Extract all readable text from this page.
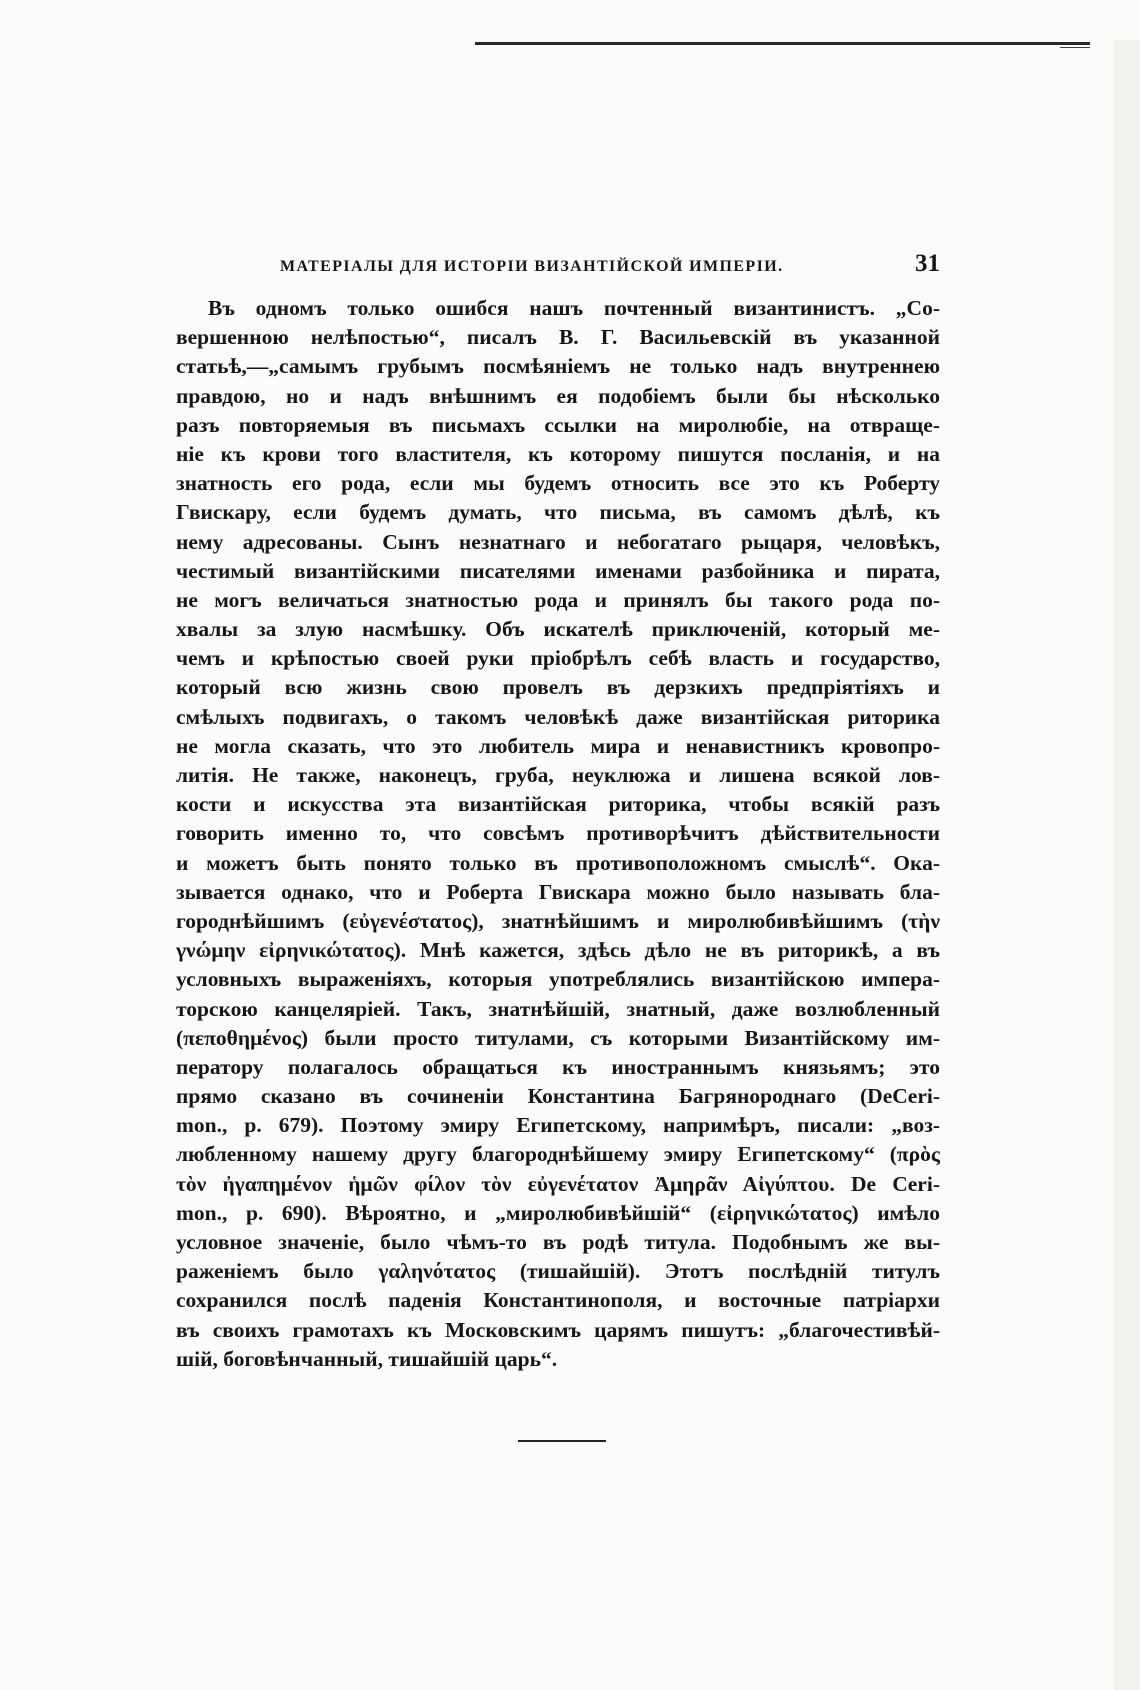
МАТЕРІАЛЫ ДЛЯ ИСТОРІИ ВИЗАНТІЙСКОЙ ИМПЕРІИ.	31
Въ одномъ только ошибся нашъ почтенный византинистъ. „Со-
вершенною нелѣпостью“, писалъ В. Г. Васильевскій въ указанной
статьѣ,—„самымъ грубымъ посмѣяніемъ не только надъ внутреннею
правдою, но и надъ внѣшнимъ ея подобіемъ были бы нѣсколько
разъ повторяемыя въ письмахъ ссылки на миролюбіе, на отвраще-
ніе къ крови того властителя, къ которому пишутся посланія, и на
знатность его рода, если мы будемъ относить все это къ Роберту
Гвискару, если будемъ думать, что письма, въ самомъ дѣлѣ, къ
нему адресованы. Сынъ незнатнаго и небогатаго рыцаря, человѣкъ,
честимый византійскими писателями именами разбойника и пирата,
не могъ величаться знатностью рода и принялъ бы такого рода по-
хвалы за злую насмѣшку. Объ искателѣ приключеній, который ме-
чемъ и крѣпостью своей руки пріобрѣлъ себѣ власть и государство,
который всю жизнь свою провелъ въ дерзкихъ предпріятіяхъ и
смѣлыхъ подвигахъ, о такомъ человѣкѣ даже византійская риторика
не могла сказать, что это любитель мира и ненавистникъ кровопро-
литія. Не также, наконецъ, груба, неуклюжа и лишена всякой лов-
кости и искусства эта византійская риторика, чтобы всякій разъ
говорить именно то, что совсѣмъ противорѣчитъ дѣйствительности
и можетъ быть понято только въ противоположномъ смыслѣ“. Ока-
зывается однако, что и Роберта Гвискара можно было называть бла-
городнѣйшимъ (εὐγενέστατος), знатнѣйшимъ и миролюбивѣйшимъ (τὴν
γνώμην εἰρηνικώτατος). Мнѣ кажется, здѣсь дѣло не въ риторикѣ, а въ
условныхъ выраженіяхъ, которыя употреблялись византійскою импера-
торскою канцеляріей. Такъ, знатнѣйшій, знатный, даже возлюбленный
(πεποθημένος) были просто титулами, съ которыми Византійскому им-
ператору полагалось обращаться къ иностраннымъ князьямъ; это
прямо сказано въ сочиненіи Константина Багрянороднаго (DeCeri-
mon., p. 679). Поэтому эмиру Египетскому, напримѣръ, писали: „воз-
любленному нашему другу благороднѣйшему эмиру Египетскому“ (πρὸς
τὸν ἠγαπημένον ἡμῶν φίλον τὸν εὐγενέτατον Ἀμηρᾶν Αἰγύπτου. De Ceri-
mon., p. 690). Вѣроятно, и „миролюбивѣйшій“ (εἰρηνικώτατος) имѣло
условное значеніе, было чѣмъ-то въ родѣ титула. Подобнымъ же вы-
раженіемъ было γαληνότατος (тишайшій). Этотъ послѣдній титулъ
сохранился послѣ паденія Константинополя, и восточные патріархи
въ своихъ грамотахъ къ Московскимъ царямъ пишутъ: „благочестивѣй-
шій, боговѣнчанный, тишайшій царь“.
